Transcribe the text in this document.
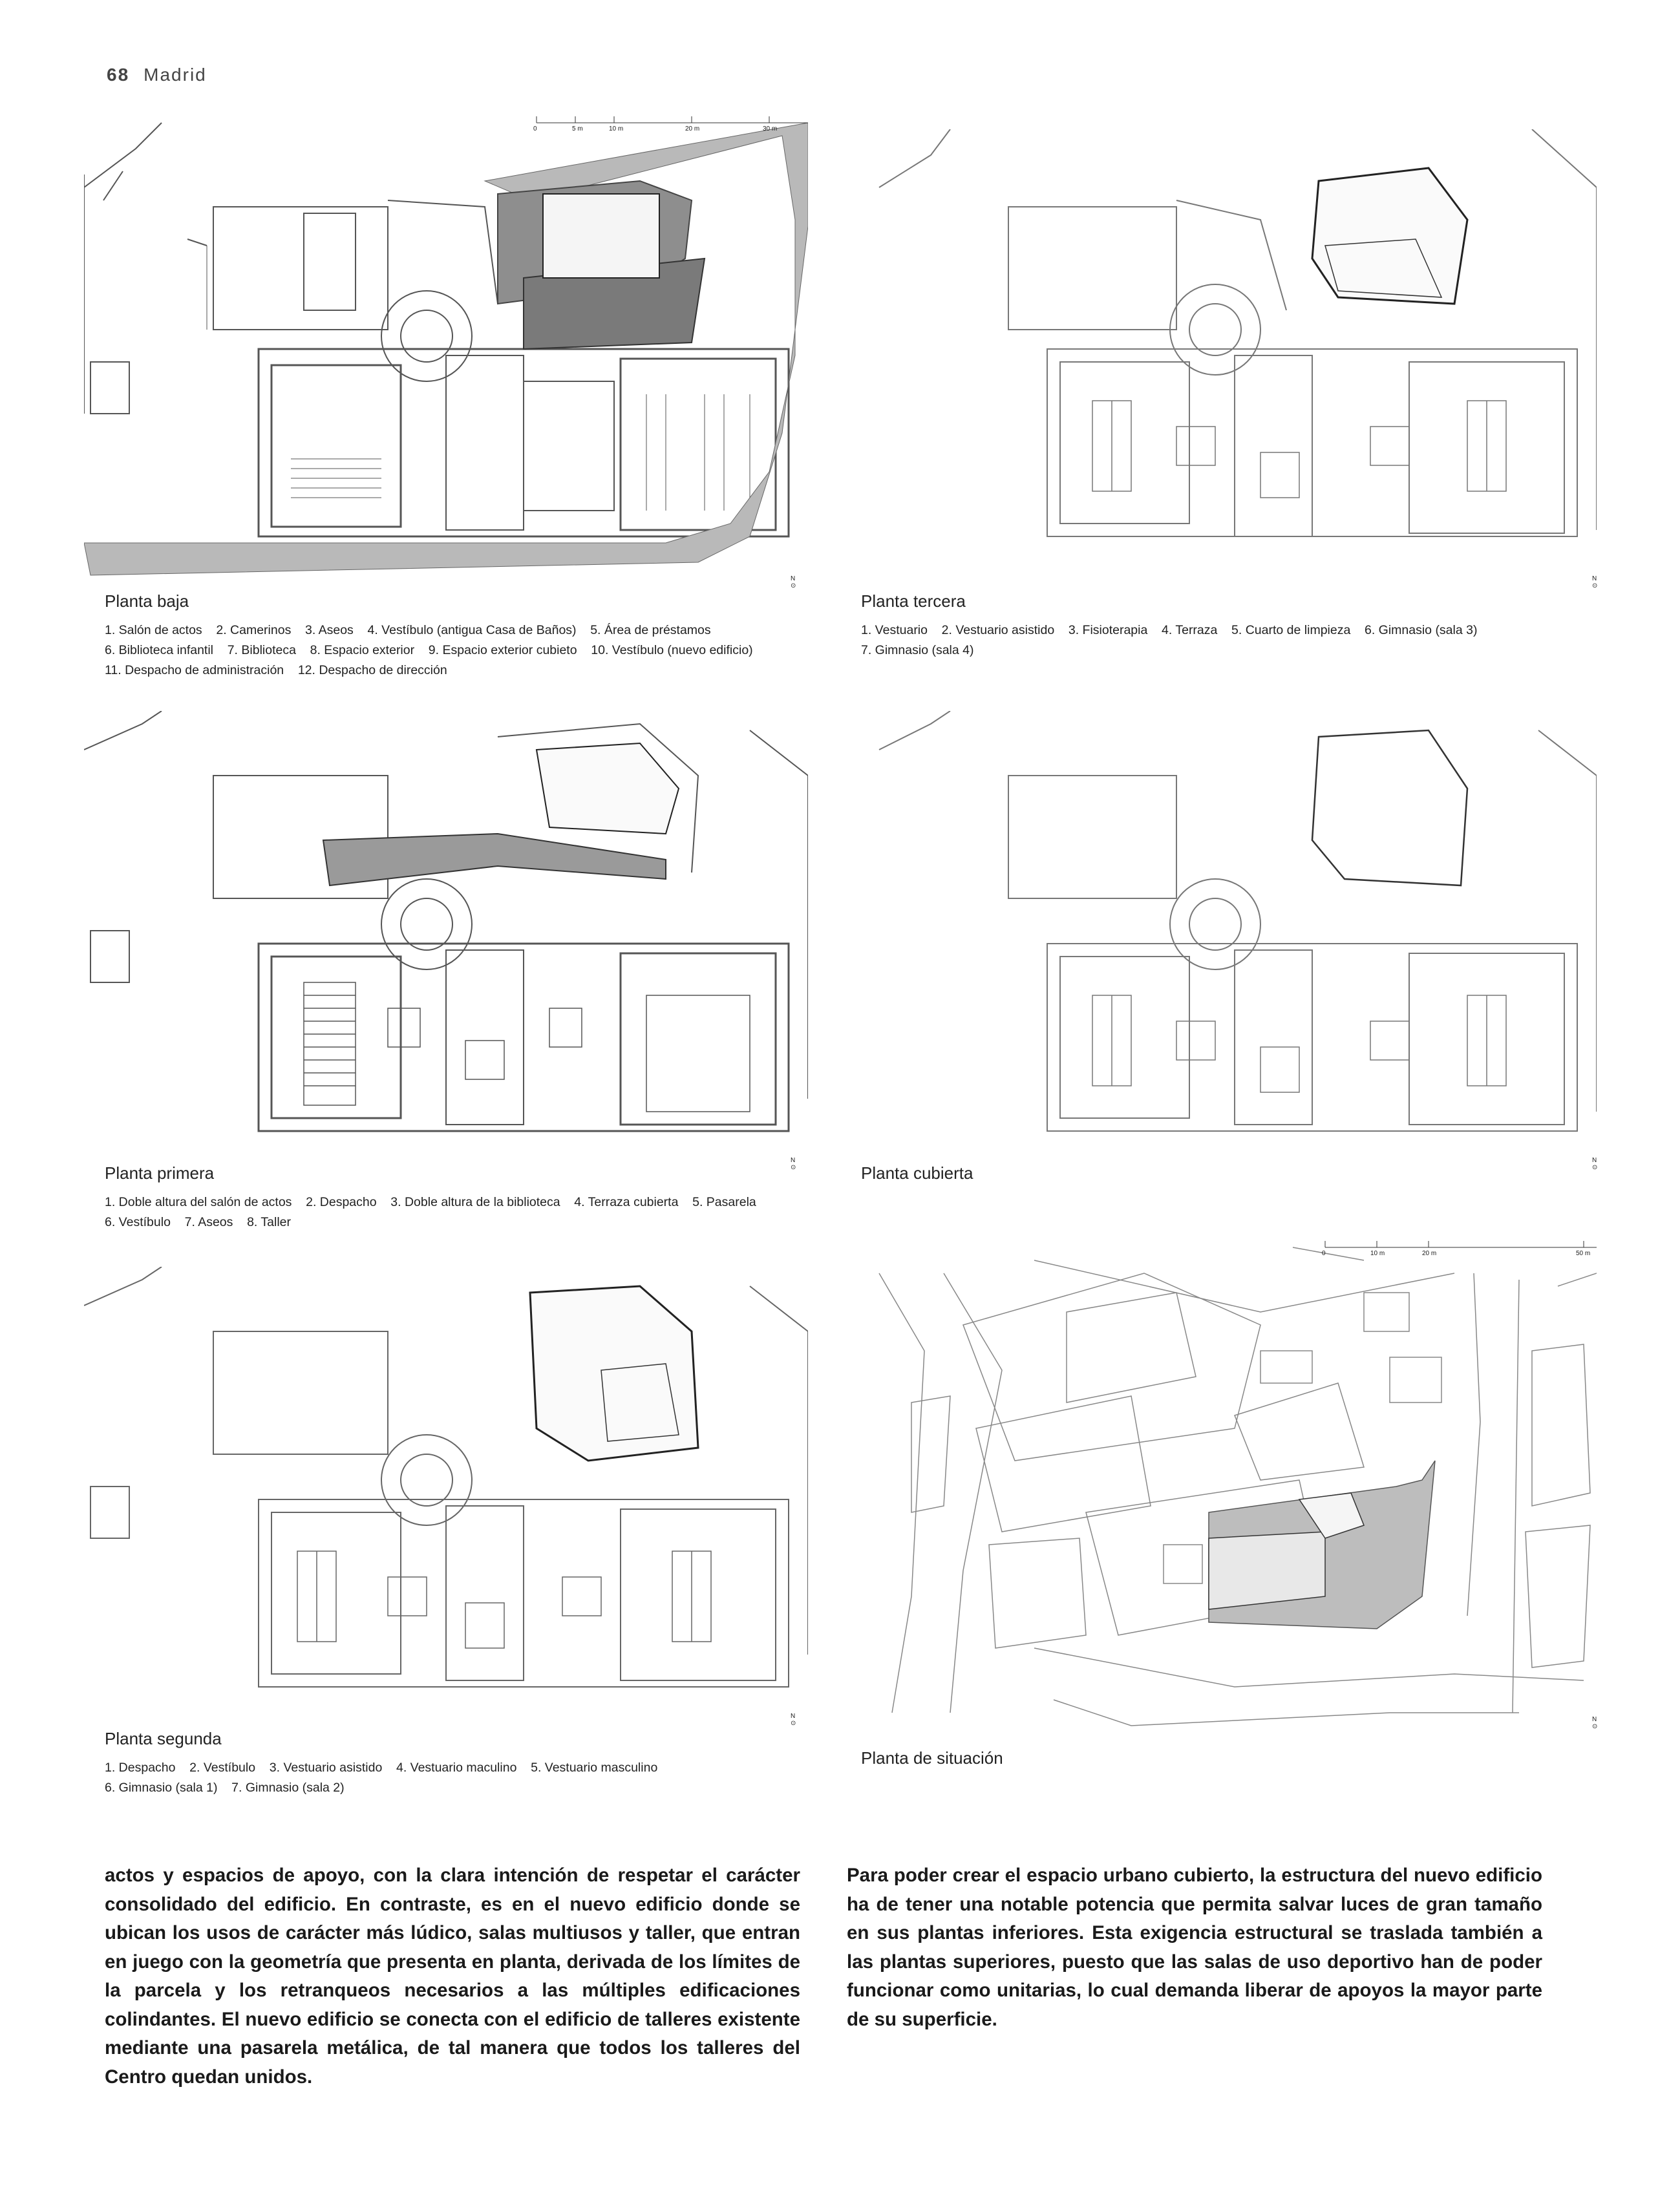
68 Madrid
0	5 m	10 m	20 m	30 m
N
⊙
Planta baja
1. Salón de actos 2. Camerinos 3. Aseos 4. Vestíbulo (antigua Casa de Baños) 5. Área de préstamos
6. Biblioteca infantil 7. Biblioteca 8. Espacio exterior 9. Espacio exterior cubieto 10. Vestíbulo (nuevo edificio)
11. Despacho de administración 12. Despacho de dirección
N
⊙
Planta tercera
1. Vestuario 2. Vestuario asistido 3. Fisioterapia 4. Terraza 5. Cuarto de limpieza 6. Gimnasio (sala 3)
7. Gimnasio (sala 4)
N
⊙
Planta primera
1. Doble altura del salón de actos 2. Despacho 3. Doble altura de la biblioteca 4. Terraza cubierta 5. Pasarela
6. Vestíbulo 7. Aseos 8. Taller
N
⊙
Planta cubierta
N
⊙
Planta segunda
1. Despacho 2. Vestíbulo 3. Vestuario asistido 4. Vestuario maculino 5. Vestuario masculino
6. Gimnasio (sala 1) 7. Gimnasio (sala 2)
0	10 m	20 m	50 m
N
⊙
Planta de situación
actos y espacios de apoyo, con la clara intención de respetar el carácter consolidado del edificio. En contraste, es en el nuevo edificio donde se ubican los usos de carácter más lúdico, salas multiusos y taller, que entran en juego con la geometría que presenta en planta, derivada de los límites de la parcela y los retranqueos necesarios a las múltiples edificaciones colindantes. El nuevo edificio se conecta con el edificio de talleres existente mediante una pasarela metálica, de tal manera que todos los talleres del Centro quedan unidos.
Para poder crear el espacio urbano cubierto, la estructura del nuevo edificio ha de tener una notable potencia que permita salvar luces de gran tamaño en sus plantas inferiores. Esta exigencia estructural se traslada también a las plantas superiores, puesto que las salas de uso deportivo han de poder funcionar como unitarias, lo cual demanda liberar de apoyos la mayor parte de su superficie.
